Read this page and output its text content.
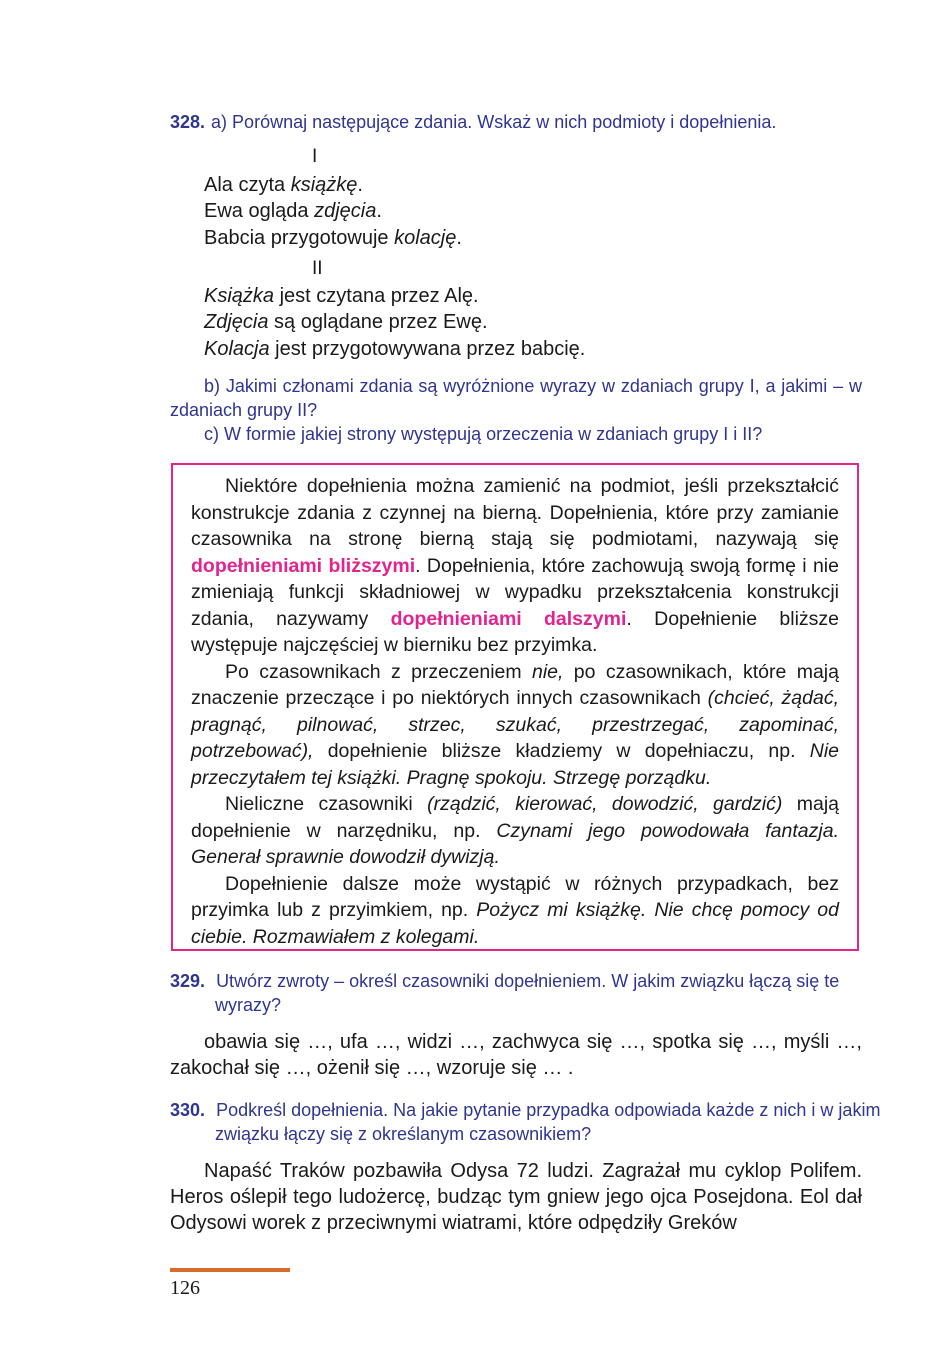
328. a) Porównaj następujące zdania. Wskaż w nich podmioty i dopełnienia.
I
Ala czyta książkę.
Ewa ogląda zdjęcia.
Babcia przygotowuje kolację.
II
Książka jest czytana przez Alę.
Zdjęcia są oglądane przez Ewę.
Kolacja jest przygotowywana przez babcię.
b) Jakimi członami zdania są wyróżnione wyrazy w zdaniach grupy I, a jakimi – w zdaniach grupy II?
c) W formie jakiej strony występują orzeczenia w zdaniach grupy I i II?

Niektóre dopełnienia można zamienić na podmiot, jeśli przekształcić konstrukcje zdania z czynnej na bierną. Dopełnienia, które przy zamianie czasownika na stronę bierną stają się podmiotami, nazywają się dopełnieniami bliższymi. Dopełnienia, które zachowują swoją formę i nie zmieniają funkcji składniowej w wypadku przekształcenia konstrukcji zdania, nazywamy dopełnieniami dalszymi. Dopełnienie bliższe występuje najczęściej w bierniku bez przyimka.

Po czasownikach z przeczeniem nie, po czasownikach, które mają znaczenie przeczące i po niektórych innych czasownikach (chcieć, żądać, pragnąć, pilnować, strzec, szukać, przestrzegać, zapominać, potrzebować), dopełnienie bliższe kładziemy w dopełniaczu, np. Nie przeczytałem tej książki. Pragnę spokoju. Strzegę porządku.

Nieliczne czasowniki (rządzić, kierować, dowodzić, gardzić) mają dopełnienie w narzędniku, np. Czynami jego powodowała fantazja. Generał sprawnie dowodził dywizją.

Dopełnienie dalsze może wystąpić w różnych przypadkach, bez przyimka lub z przyimkiem, np. Pożycz mi książkę. Nie chcę pomocy od ciebie. Rozmawiałem z kolegami.

329. Utwórz zwroty – określ czasowniki dopełnieniem. W jakim związku łączą się te wyrazy?

obawia się …, ufa …, widzi …, zachwyca się …, spotka się …, myśli …, zakochał się …, ożenił się …, wzoruje się … .

330. Podkreśl dopełnienia. Na jakie pytanie przypadka odpowiada każde z nich i w jakim związku łączy się z określanym czasownikiem?

Napaść Traków pozbawiła Odysa 72 ludzi. Zagrażał mu cyklop Polifem. Heros oślepił tego ludożercę, budząc tym gniew jego ojca Posejdona. Eol dał Odysowi worek z przeciwnymi wiatrami, które odpędziły Greków

126
